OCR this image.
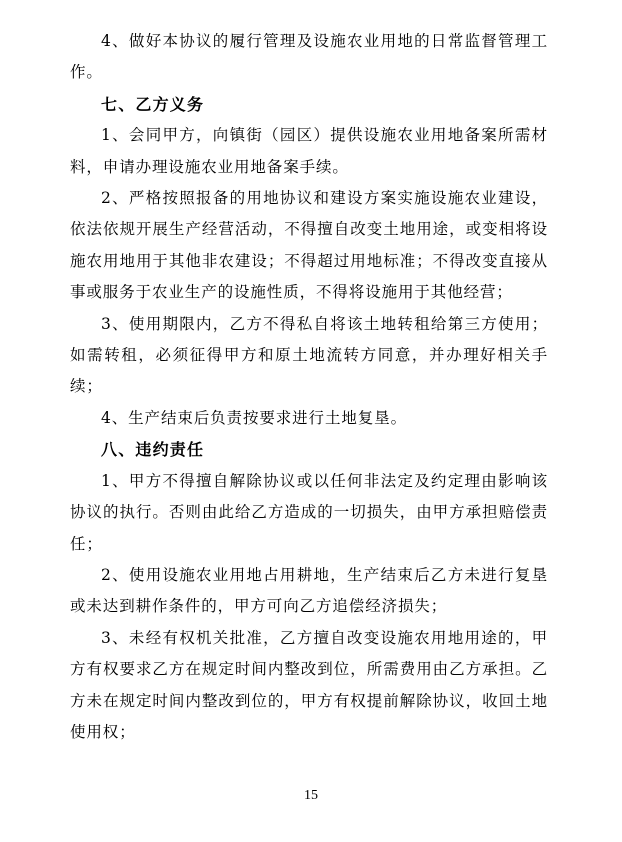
4、做好本协议的履行管理及设施农业用地的日常监督管理工作。

七、乙方义务

1、会同甲方，向镇街（园区）提供设施农业用地备案所需材料，申请办理设施农业用地备案手续。

2、严格按照报备的用地协议和建设方案实施设施农业建设，依法依规开展生产经营活动，不得擅自改变土地用途，或变相将设施农用地用于其他非农建设；不得超过用地标准；不得改变直接从事或服务于农业生产的设施性质，不得将设施用于其他经营；

3、使用期限内，乙方不得私自将该土地转租给第三方使用；如需转租，必须征得甲方和原土地流转方同意，并办理好相关手续；

4、生产结束后负责按要求进行土地复垦。

八、违约责任

1、甲方不得擅自解除协议或以任何非法定及约定理由影响该协议的执行。否则由此给乙方造成的一切损失，由甲方承担赔偿责任；

2、使用设施农业用地占用耕地，生产结束后乙方未进行复垦或未达到耕作条件的，甲方可向乙方追偿经济损失；

3、未经有权机关批准，乙方擅自改变设施农用地用途的，甲方有权要求乙方在规定时间内整改到位，所需费用由乙方承担。乙方未在规定时间内整改到位的，甲方有权提前解除协议，收回土地使用权；

15
